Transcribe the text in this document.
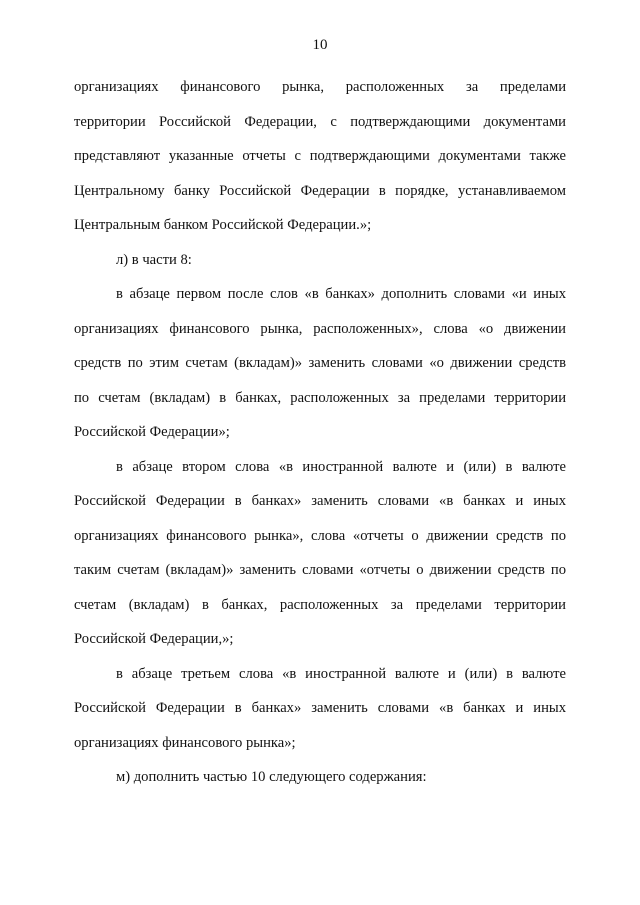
10
организациях финансового рынка, расположенных за пределами
территории Российской Федерации, с подтверждающими документами
представляют указанные отчеты с подтверждающими документами также
Центральному банку Российской Федерации в порядке, устанавливаемом
Центральным банком Российской Федерации.»;
л) в части 8:
в абзаце первом после слов «в банках» дополнить словами «и иных
организациях финансового рынка, расположенных», слова «о движении
средств по этим счетам (вкладам)» заменить словами «о движении средств
по счетам (вкладам) в банках, расположенных за пределами территории
Российской Федерации»;
в абзаце втором слова «в иностранной валюте и (или) в валюте
Российской Федерации в банках» заменить словами «в банках и иных
организациях финансового рынка», слова «отчеты о движении средств по
таким счетам (вкладам)» заменить словами «отчеты о движении средств по
счетам (вкладам) в банках, расположенных за пределами территории
Российской Федерации,»;
в абзаце третьем слова «в иностранной валюте и (или) в валюте
Российской Федерации в банках» заменить словами «в банках и иных
организациях финансового рынка»;
м) дополнить частью 10 следующего содержания:
